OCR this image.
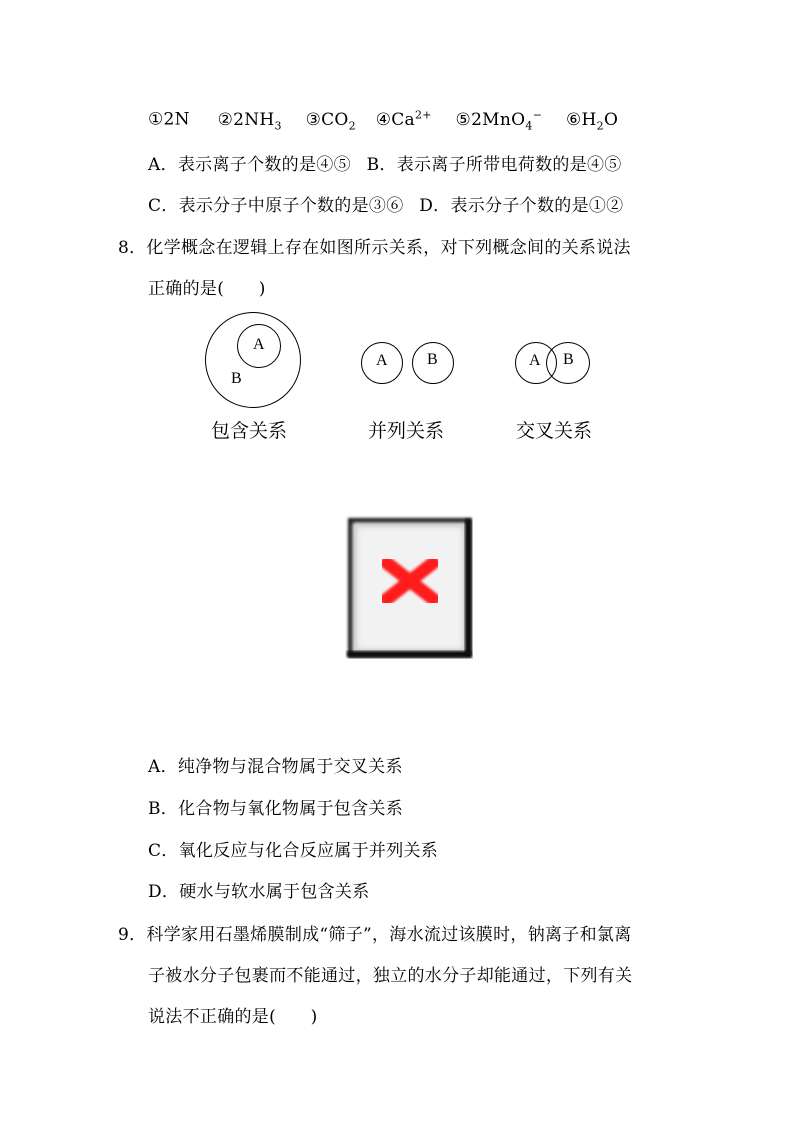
①2N $②2NH_3$ $③CO_2$ $④Ca^{2+}$ ⑤2MnO$_4$− $⑥H_2O$
A．表示离子个数的是④⑤ B．表示离子所带电荷数的是④⑤
C．表示分子中原子个数的是③⑥ D．表示分子个数的是①②
8．化学概念在逻辑上存在如图所示关系，对下列概念间的关系说法
正确的是(　　)
A
B
包含关系
A B
并列关系
A B
交叉关系
A．纯净物与混合物属于交叉关系
B．化合物与氧化物属于包含关系
C．氧化反应与化合反应属于并列关系
D．硬水与软水属于包含关系
9．科学家用石墨烯膜制成“筛子”，海水流过该膜时，钠离子和氯离
子被水分子包裹而不能通过，独立的水分子却能通过，下列有关
说法不正确的是(　　)
